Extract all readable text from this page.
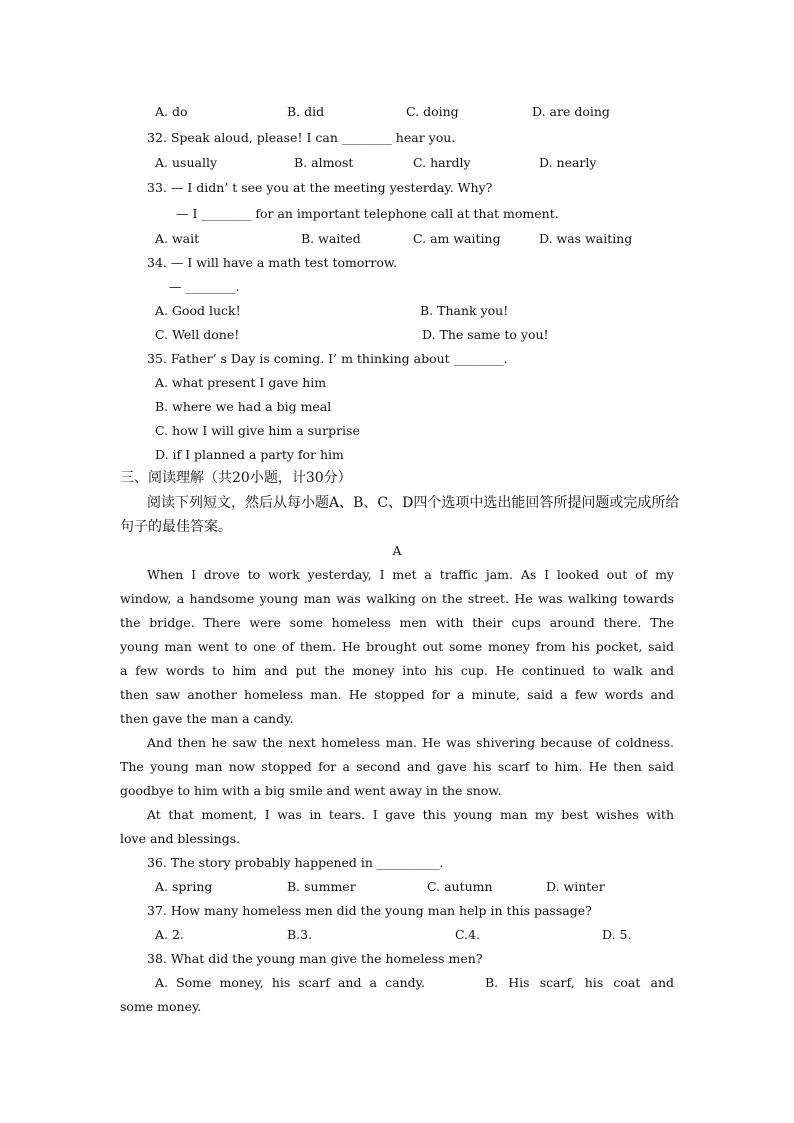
A. do	B. did	C. doing	D. are doing
32. Speak aloud, please! I can ________ hear you.
A. usually	B. almost	C. hardly	D. nearly
33. — I didn’ t see you at the meeting yesterday. Why?
— I ________ for an important telephone call at that moment.
A. wait	B. waited	C. am waiting	D. was waiting
34. — I will have a math test tomorrow.
— ________.
A. Good luck!	B. Thank you!
C. Well done!	D. The same to you!
35. Father’ s Day is coming. I’ m thinking about ________.
A. what present I gave him
B. where we had a big meal
C. how I will give him a surprise
D. if I planned a party for him
三、阅读理解（共20小题，计30分）
阅读下列短文，然后从每小题A、B、C、D四个选项中选出能回答所提问题或完成所给
句子的最佳答案。
A
When I drove to work yesterday, I met a traffic jam. As I looked out of my
window, a handsome young man was walking on the street. He was walking towards
the bridge. There were some homeless men with their cups around there. The
young man went to one of them. He brought out some money from his pocket, said
a few words to him and put the money into his cup. He continued to walk and
then saw another homeless man. He stopped for a minute, said a few words and
then gave the man a candy.
And then he saw the next homeless man. He was shivering because of coldness.
The young man now stopped for a second and gave his scarf to him. He then said
goodbye to him with a big smile and went away in the snow.
At that moment, I was in tears. I gave this young man my best wishes with
love and blessings.
36. The story probably happened in __________.
A. spring	B. summer	C. autumn	D. winter
37. How many homeless men did the young man help in this passage?
A. 2.	B.3.	C.4.	D. 5.
38. What did the young man give the homeless men?
A. Some money, his scarf and a candy.	B. His scarf, his coat and
some money.
